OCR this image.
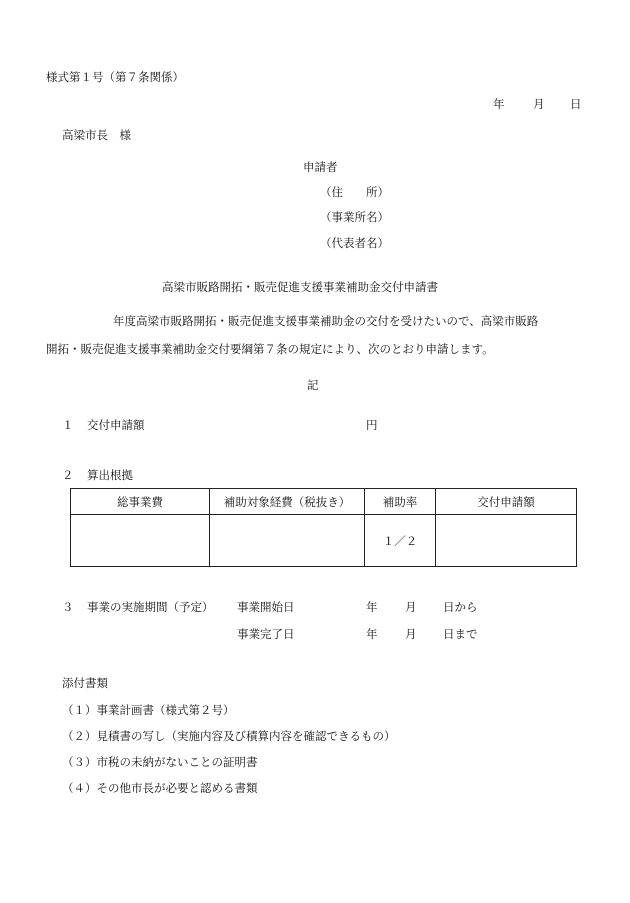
様式第１号（第７条関係）
年 月 日
高梁市長　様
申請者
（住　　所）
（事業所名）
（代表者名）
高梁市販路開拓・販売促進支援事業補助金交付申請書
年度高梁市販路開拓・販売促進支援事業補助金の交付を受けたいので、高梁市販路
開拓・販売促進支援事業補助金交付要綱第７条の規定により、次のとおり申請します。
記
１ 交付申請額	円
２ 算出根拠
総事業費	補助対象経費（税抜き）	補助率	交付申請額
		１／２	
３ 事業の実施期間（予定） 事業開始日	年 月 日から
事業完了日	年 月 日まで
添付書類
（１）事業計画書（様式第２号）
（２）見積書の写し（実施内容及び積算内容を確認できるもの）
（３）市税の未納がないことの証明書
（４）その他市長が必要と認める書類
